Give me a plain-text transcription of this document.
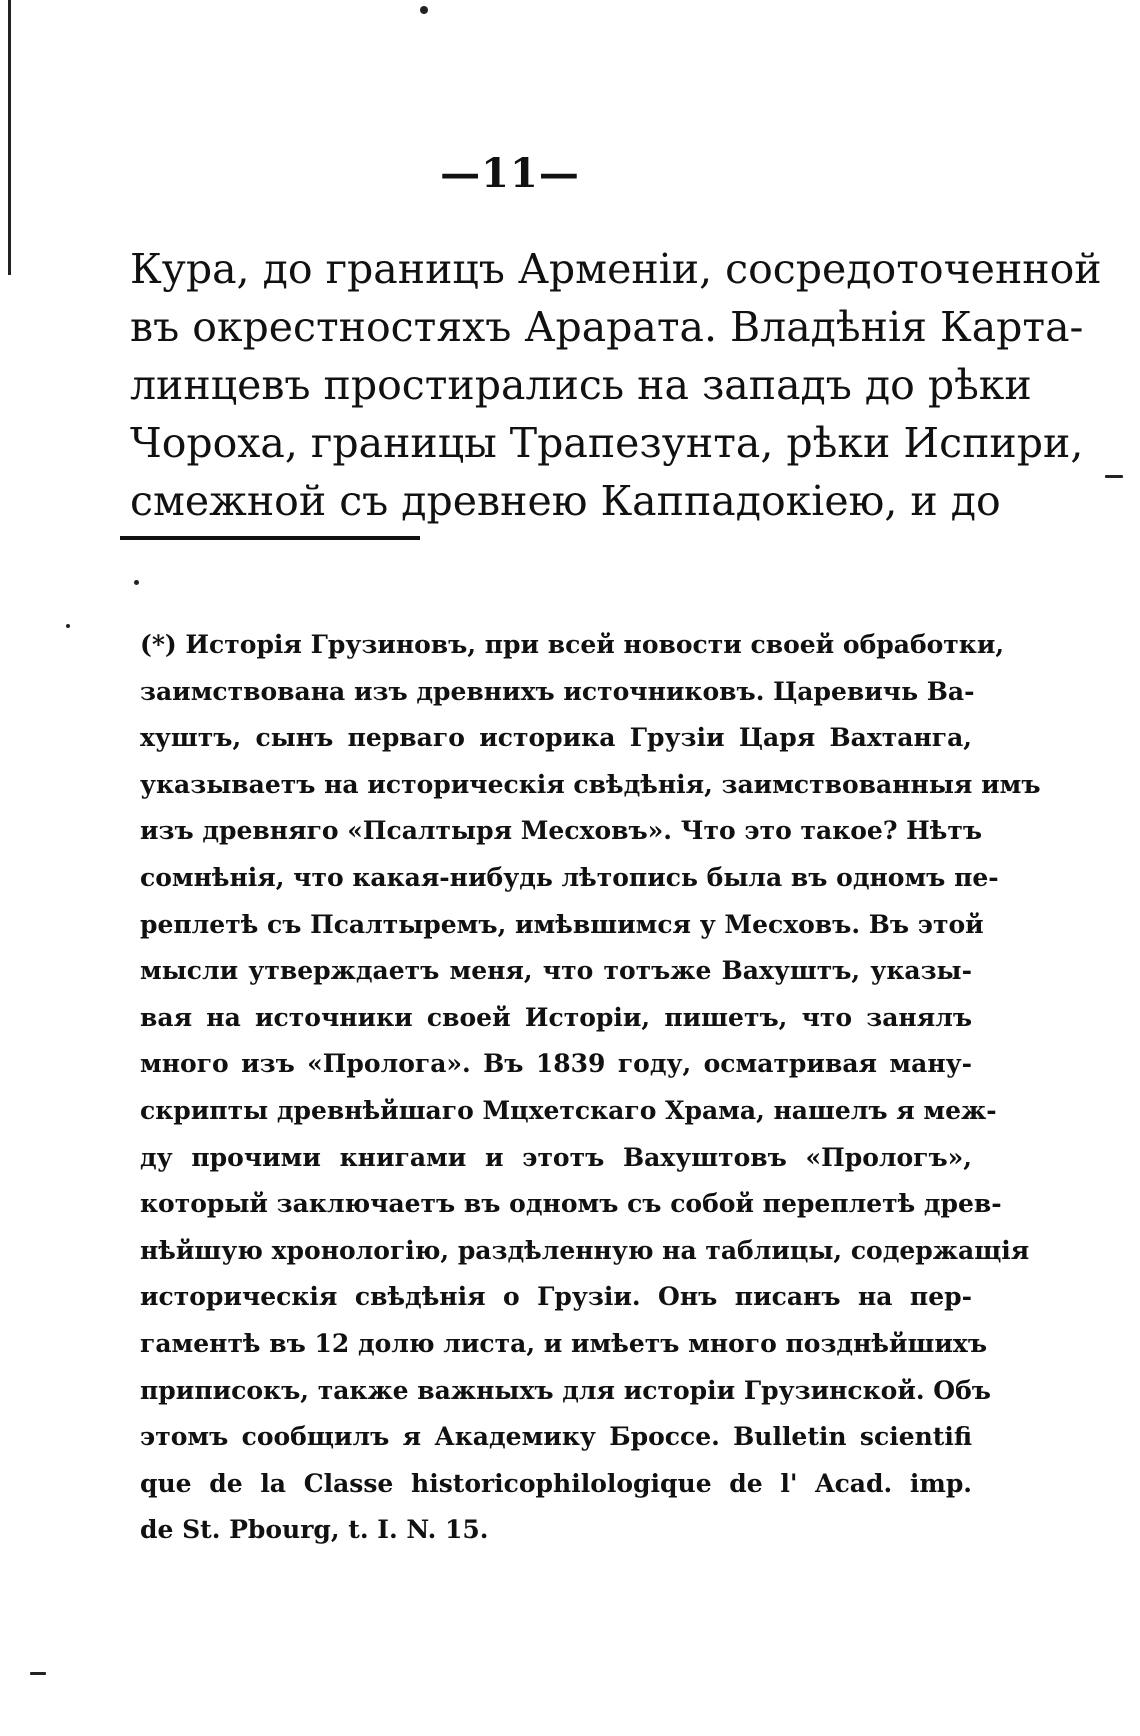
—11—
Кура, до границъ Арменіи, сосредоточенной
въ окрестностяхъ Арарата. Владѣнія Карта-
линцевъ простирались на западъ до рѣки
Чороха, границы Трапезунта, рѣки Испири,
смежной съ древнею Каппадокіею, и до
(*) Исторія Грузиновъ, при всей новости своей обработки,
заимствована изъ древнихъ источниковъ. Царевичь Ва-
хуштъ, сынъ перваго историка Грузіи Царя Вахтанга,
указываетъ на историческія свѣдѣнія, заимствованныя имъ
изъ древняго «Псалтыря Месховъ». Что это такое? Нѣтъ
сомнѣнія, что какая-нибудь лѣтопись была въ одномъ пе-
реплетѣ съ Псалтыремъ, имѣвшимся у Месховъ. Въ этой
мысли утверждаетъ меня, что тотъже Вахуштъ, указы-
вая на источники своей Исторіи, пишетъ, что занялъ
много изъ «Пролога». Въ 1839 году, осматривая ману-
скрипты древнѣйшаго Мцхетскаго Храма, нашелъ я меж-
ду прочими книгами и этотъ Вахуштовъ «Прологъ»,
который заключаетъ въ одномъ съ собой переплетѣ древ-
нѣйшую хронологію, раздѣленную на таблицы, содержащія
историческія свѣдѣнія о Грузіи. Онъ писанъ на пер-
гаментѣ въ 12 долю листа, и имѣетъ много позднѣйшихъ
приписокъ, также важныхъ для исторіи Грузинской. Объ
этомъ сообщилъ я Академику Броссе. Bulletin scientifi
que de la Classe historicophilologique de l' Acad. imp.
de St. Pbourg, t. I. N. 15.
